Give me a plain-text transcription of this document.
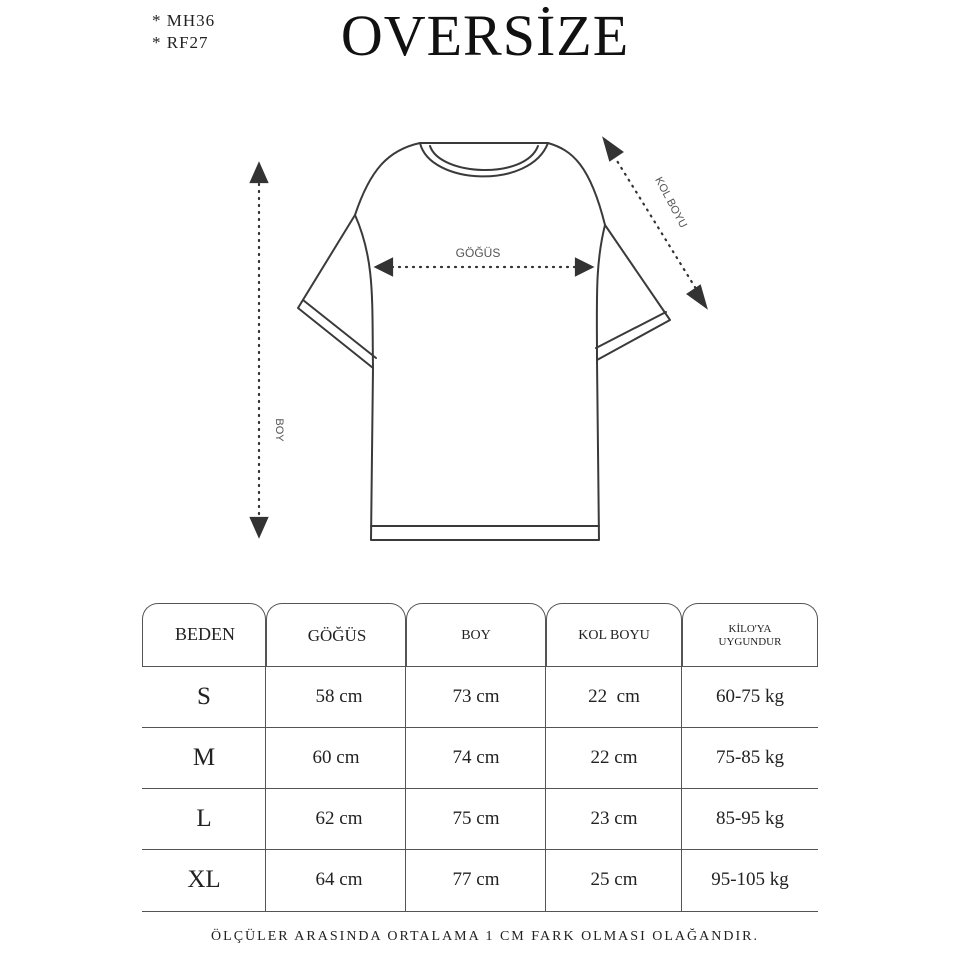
* MH36
* RF27	OVERSİZE
GÖĞÜS
BOY
KOL BOYU
BEDEN	GÖĞÜS	BOY	KOL BOYU	KİLO'YA
UYGUNDUR
S	58 cm	73 cm	22  cm	60-75 kg
M	60 cm	74 cm	22 cm	75-85 kg
L	62 cm	75 cm	23 cm	85-95 kg
XL	64 cm	77 cm	25 cm	95-105 kg
ÖLÇÜLER ARASINDA ORTALAMA 1 CM FARK OLMASI OLAĞANDIR.
